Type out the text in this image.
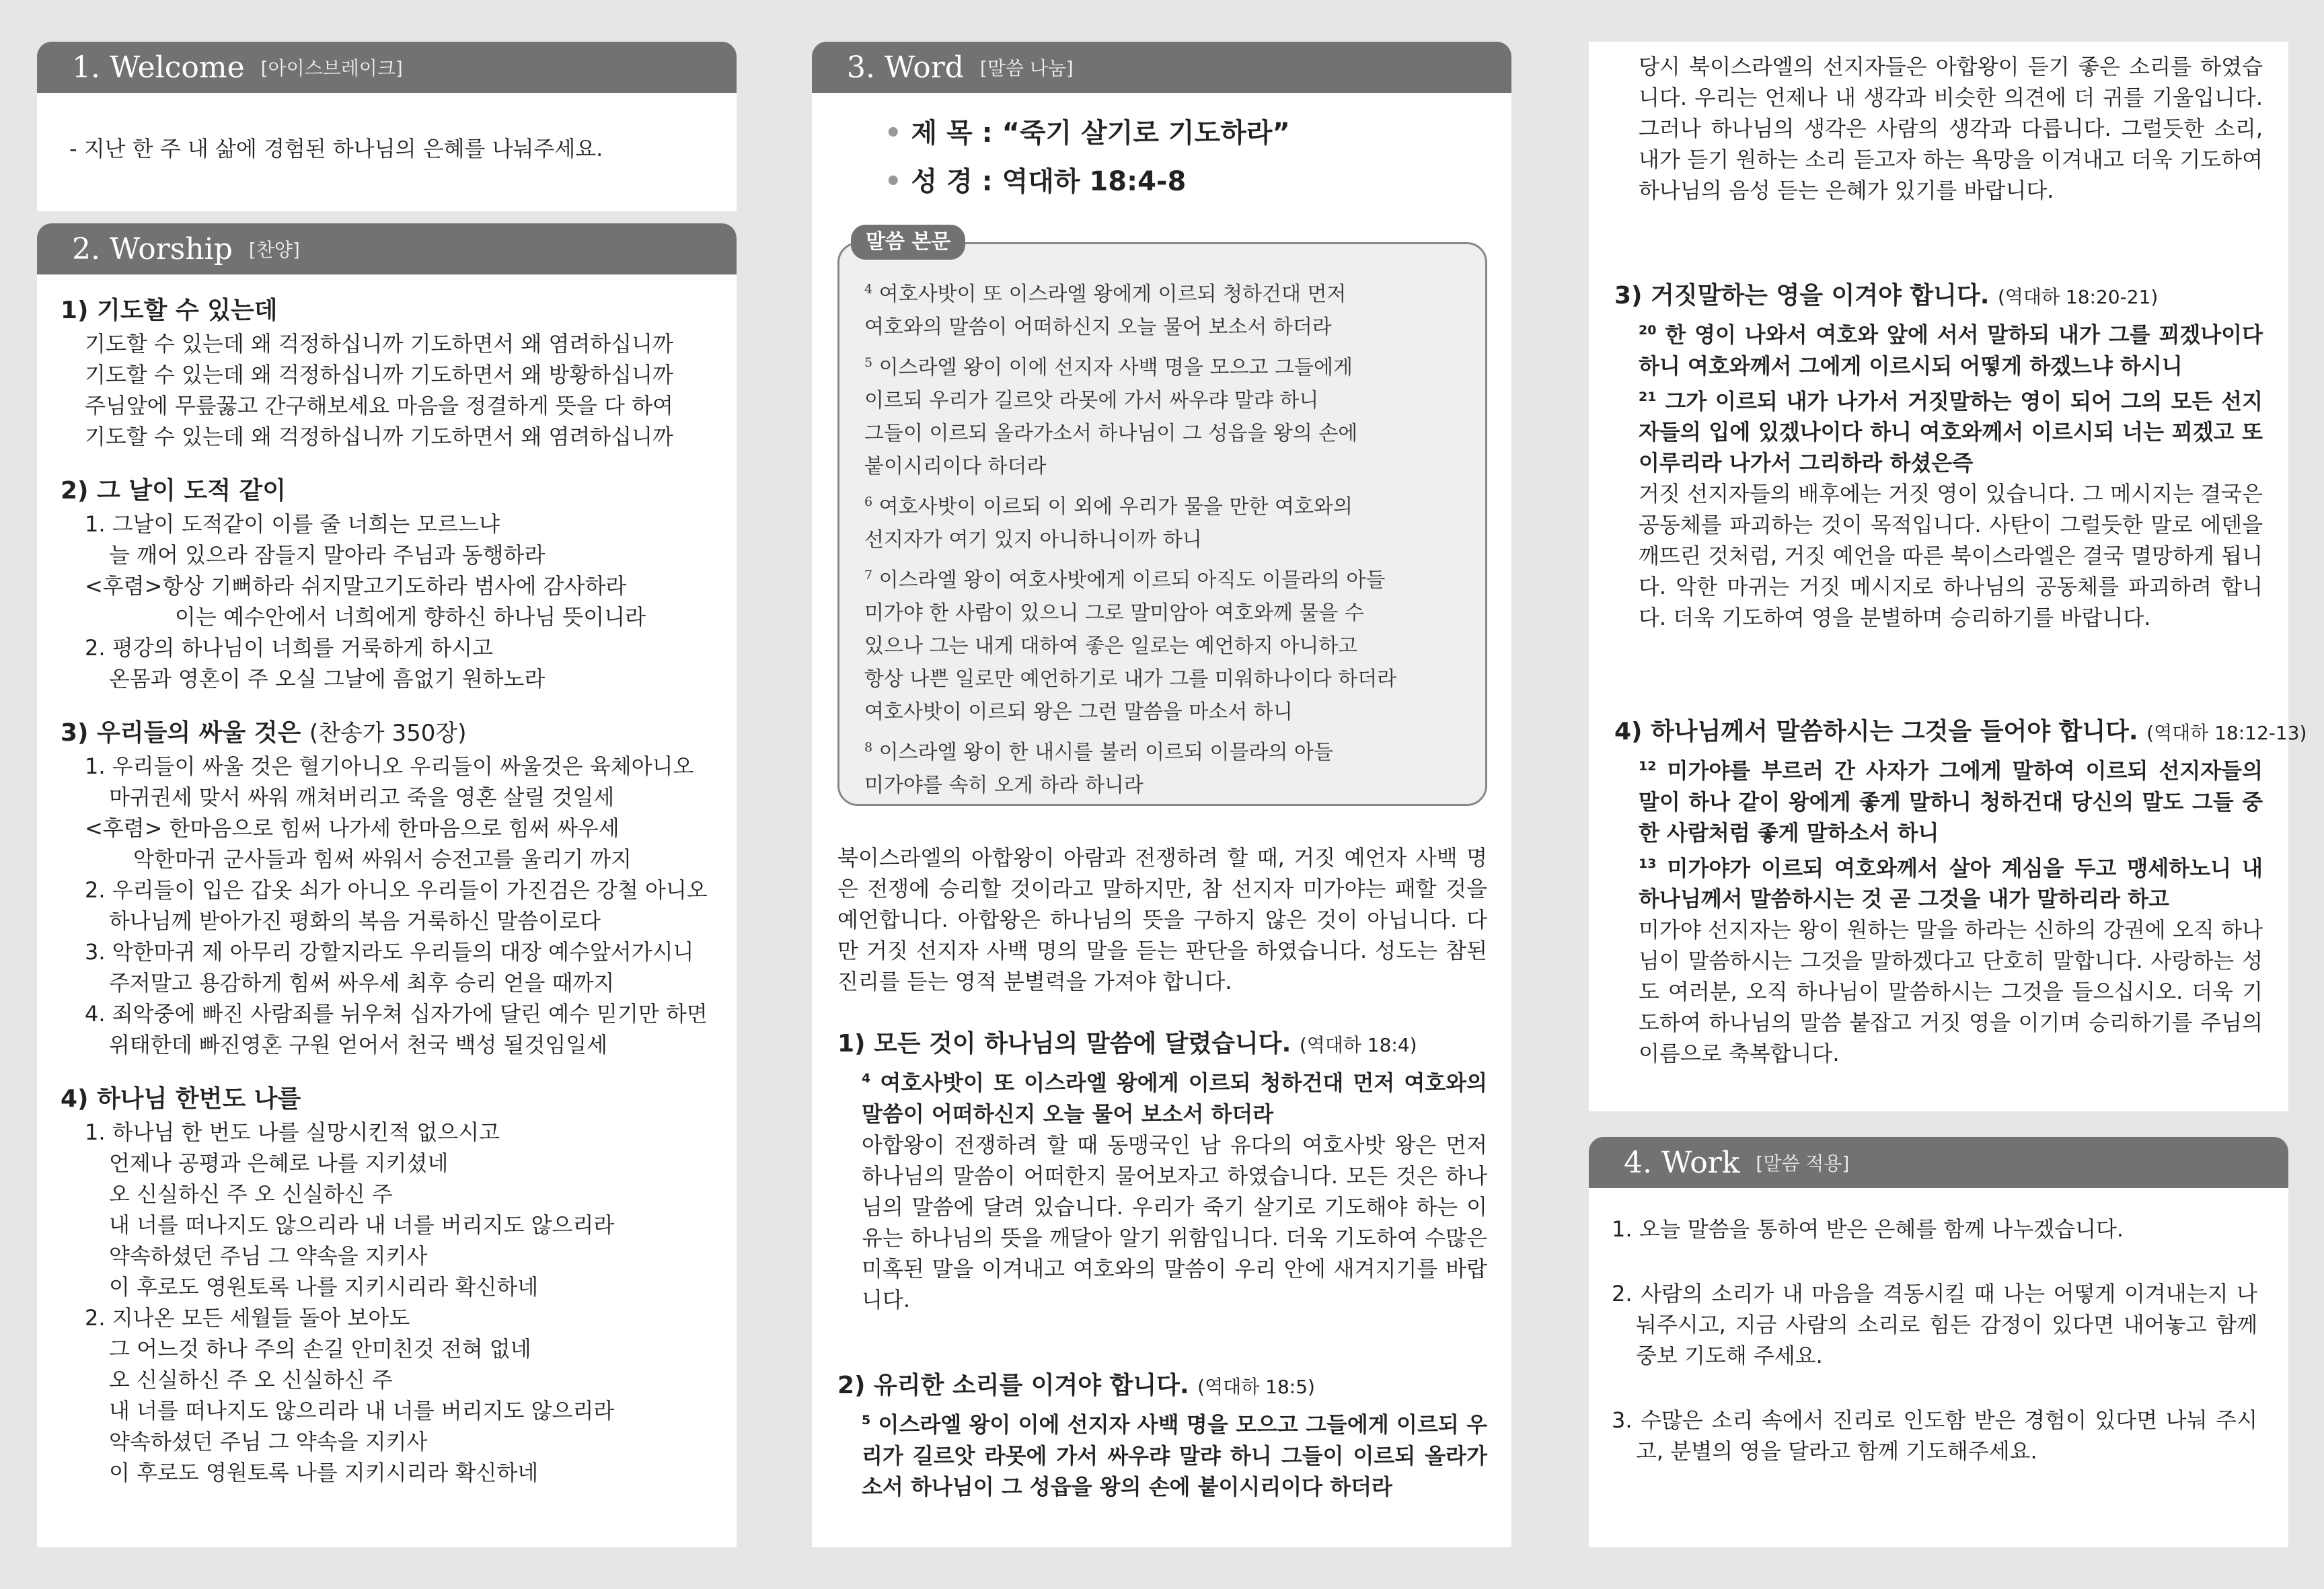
1. Welcome [아이스브레이크]
- 지난 한 주 내 삶에 경험된 하나님의 은혜를 나눠주세요.
2. Worship [찬양]
1) 기도할 수 있는데
기도할 수 있는데 왜 걱정하십니까 기도하면서 왜 염려하십니까
기도할 수 있는데 왜 걱정하십니까 기도하면서 왜 방황하십니까
주님앞에 무릎꿇고 간구해보세요 마음을 정결하게 뜻을 다 하여
기도할 수 있는데 왜 걱정하십니까 기도하면서 왜 염려하십니까
2) 그 날이 도적 같이
1. 그날이 도적같이 이를 줄 너희는 모르느냐
늘 깨어 있으라 잠들지 말아라 주님과 동행하라
<후렴>항상 기뻐하라 쉬지말고기도하라 범사에 감사하라
이는 예수안에서 너희에게 향하신 하나님 뜻이니라
2. 평강의 하나님이 너희를 거룩하게 하시고
온몸과 영혼이 주 오실 그날에 흠없기 원하노라
3) 우리들의 싸울 것은 (찬송가 350장)
1. 우리들이 싸울 것은 혈기아니오 우리들이 싸울것은 육체아니오
마귀권세 맞서 싸워 깨쳐버리고 죽을 영혼 살릴 것일세
<후렴> 한마음으로 힘써 나가세 한마음으로 힘써 싸우세
악한마귀 군사들과 힘써 싸워서 승전고를 울리기 까지
2. 우리들이 입은 갑옷 쇠가 아니오 우리들이 가진검은 강철 아니오
하나님께 받아가진 평화의 복음 거룩하신 말씀이로다
3. 악한마귀 제 아무리 강할지라도 우리들의 대장 예수앞서가시니
주저말고 용감하게 힘써 싸우세 최후 승리 얻을 때까지
4. 죄악중에 빠진 사람죄를 뉘우쳐 십자가에 달린 예수 믿기만 하면
위태한데 빠진영혼 구원 얻어서 천국 백성 될것임일세
4) 하나님 한번도 나를
1. 하나님 한 번도 나를 실망시킨적 없으시고
언제나 공평과 은혜로 나를 지키셨네
오 신실하신 주 오 신실하신 주
내 너를 떠나지도 않으리라 내 너를 버리지도 않으리라
약속하셨던 주님 그 약속을 지키사
이 후로도 영원토록 나를 지키시리라 확신하네
2. 지나온 모든 세월들 돌아 보아도
그 어느것 하나 주의 손길 안미친것 전혀 없네
오 신실하신 주 오 신실하신 주
내 너를 떠나지도 않으리라 내 너를 버리지도 않으리라
약속하셨던 주님 그 약속을 지키사
이 후로도 영원토록 나를 지키시리라 확신하네
3. Word [말씀 나눔]
• 제 목 : “죽기 살기로 기도하라”
• 성 경 : 역대하 18:4-8
말씀 본문
$^4$ 여호사밧이 또 이스라엘 왕에게 이르되 청하건대 먼저
여호와의 말씀이 어떠하신지 오늘 물어 보소서 하더라
$^5$ 이스라엘 왕이 이에 선지자 사백 명을 모으고 그들에게
이르되 우리가 길르앗 라못에 가서 싸우랴 말랴 하니
그들이 이르되 올라가소서 하나님이 그 성읍을 왕의 손에
붙이시리이다 하더라
$^6$ 여호사밧이 이르되 이 외에 우리가 물을 만한 여호와의
선지자가 여기 있지 아니하니이까 하니
$^7$ 이스라엘 왕이 여호사밧에게 이르되 아직도 이믈라의 아들
미가야 한 사람이 있으니 그로 말미암아 여호와께 물을 수
있으나 그는 내게 대하여 좋은 일로는 예언하지 아니하고
항상 나쁜 일로만 예언하기로 내가 그를 미워하나이다 하더라
여호사밧이 이르되 왕은 그런 말씀을 마소서 하니
$^8$ 이스라엘 왕이 한 내시를 불러 이르되 이믈라의 아들
미가야를 속히 오게 하라 하니라
북이스라엘의 아합왕이 아람과 전쟁하려 할 때, 거짓 예언자 사백 명은 전쟁에 승리할 것이라고 말하지만, 참 선지자 미가야는 패할 것을 예언합니다. 아합왕은 하나님의 뜻을 구하지 않은 것이 아닙니다. 다만 거짓 선지자 사백 명의 말을 듣는 판단을 하였습니다. 성도는 참된 진리를 듣는 영적 분별력을 가져야 합니다.
1) 모든 것이 하나님의 말씀에 달렸습니다. (역대하 18:4)
$^4$ 여호사밧이 또 이스라엘 왕에게 이르되 청하건대 먼저 여호와의 말씀이 어떠하신지 오늘 물어 보소서 하더라
아합왕이 전쟁하려 할 때 동맹국인 남 유다의 여호사밧 왕은 먼저 하나님의 말씀이 어떠한지 물어보자고 하였습니다. 모든 것은 하나님의 말씀에 달려 있습니다. 우리가 죽기 살기로 기도해야 하는 이유는 하나님의 뜻을 깨달아 알기 위함입니다. 더욱 기도하여 수많은 미혹된 말을 이겨내고 여호와의 말씀이 우리 안에 새겨지기를 바랍니다.
2) 유리한 소리를 이겨야 합니다. (역대하 18:5)
$^5$ 이스라엘 왕이 이에 선지자 사백 명을 모으고 그들에게 이르되 우리가 길르앗 라못에 가서 싸우랴 말랴 하니 그들이 이르되 올라가소서 하나님이 그 성읍을 왕의 손에 붙이시리이다 하더라
당시 북이스라엘의 선지자들은 아합왕이 듣기 좋은 소리를 하였습니다. 우리는 언제나 내 생각과 비슷한 의견에 더 귀를 기울입니다. 그러나 하나님의 생각은 사람의 생각과 다릅니다. 그럴듯한 소리, 내가 듣기 원하는 소리 듣고자 하는 욕망을 이겨내고 더욱 기도하여 하나님의 음성 듣는 은혜가 있기를 바랍니다.
3) 거짓말하는 영을 이겨야 합니다. (역대하 18:20-21)
$^{20}$ 한 영이 나와서 여호와 앞에 서서 말하되 내가 그를 꾀겠나이다 하니 여호와께서 그에게 이르시되 어떻게 하겠느냐 하시니
$^{21}$ 그가 이르되 내가 나가서 거짓말하는 영이 되어 그의 모든 선지자들의 입에 있겠나이다 하니 여호와께서 이르시되 너는 꾀겠고 또 이루리라 나가서 그리하라 하셨은즉
거짓 선지자들의 배후에는 거짓 영이 있습니다. 그 메시지는 결국은 공동체를 파괴하는 것이 목적입니다. 사탄이 그럴듯한 말로 에덴을 깨뜨린 것처럼, 거짓 예언을 따른 북이스라엘은 결국 멸망하게 됩니다. 악한 마귀는 거짓 메시지로 하나님의 공동체를 파괴하려 합니다. 더욱 기도하여 영을 분별하며 승리하기를 바랍니다.
4) 하나님께서 말씀하시는 그것을 들어야 합니다. (역대하 18:12-13)
$^{12}$ 미가야를 부르러 간 사자가 그에게 말하여 이르되 선지자들의 말이 하나 같이 왕에게 좋게 말하니 청하건대 당신의 말도 그들 중 한 사람처럼 좋게 말하소서 하니
$^{13}$ 미가야가 이르되 여호와께서 살아 계심을 두고 맹세하노니 내 하나님께서 말씀하시는 것 곧 그것을 내가 말하리라 하고
미가야 선지자는 왕이 원하는 말을 하라는 신하의 강권에 오직 하나님이 말씀하시는 그것을 말하겠다고 단호히 말합니다. 사랑하는 성도 여러분, 오직 하나님이 말씀하시는 그것을 들으십시오. 더욱 기도하여 하나님의 말씀 붙잡고 거짓 영을 이기며 승리하기를 주님의 이름으로 축복합니다.
4. Work [말씀 적용]
1. 오늘 말씀을 통하여 받은 은혜를 함께 나누겠습니다.
2. 사람의 소리가 내 마음을 격동시킬 때 나는 어떻게 이겨내는지 나눠주시고, 지금 사람의 소리로 힘든 감정이 있다면 내어놓고 함께 중보 기도해 주세요.
3. 수많은 소리 속에서 진리로 인도함 받은 경험이 있다면 나눠 주시고, 분별의 영을 달라고 함께 기도해주세요.
